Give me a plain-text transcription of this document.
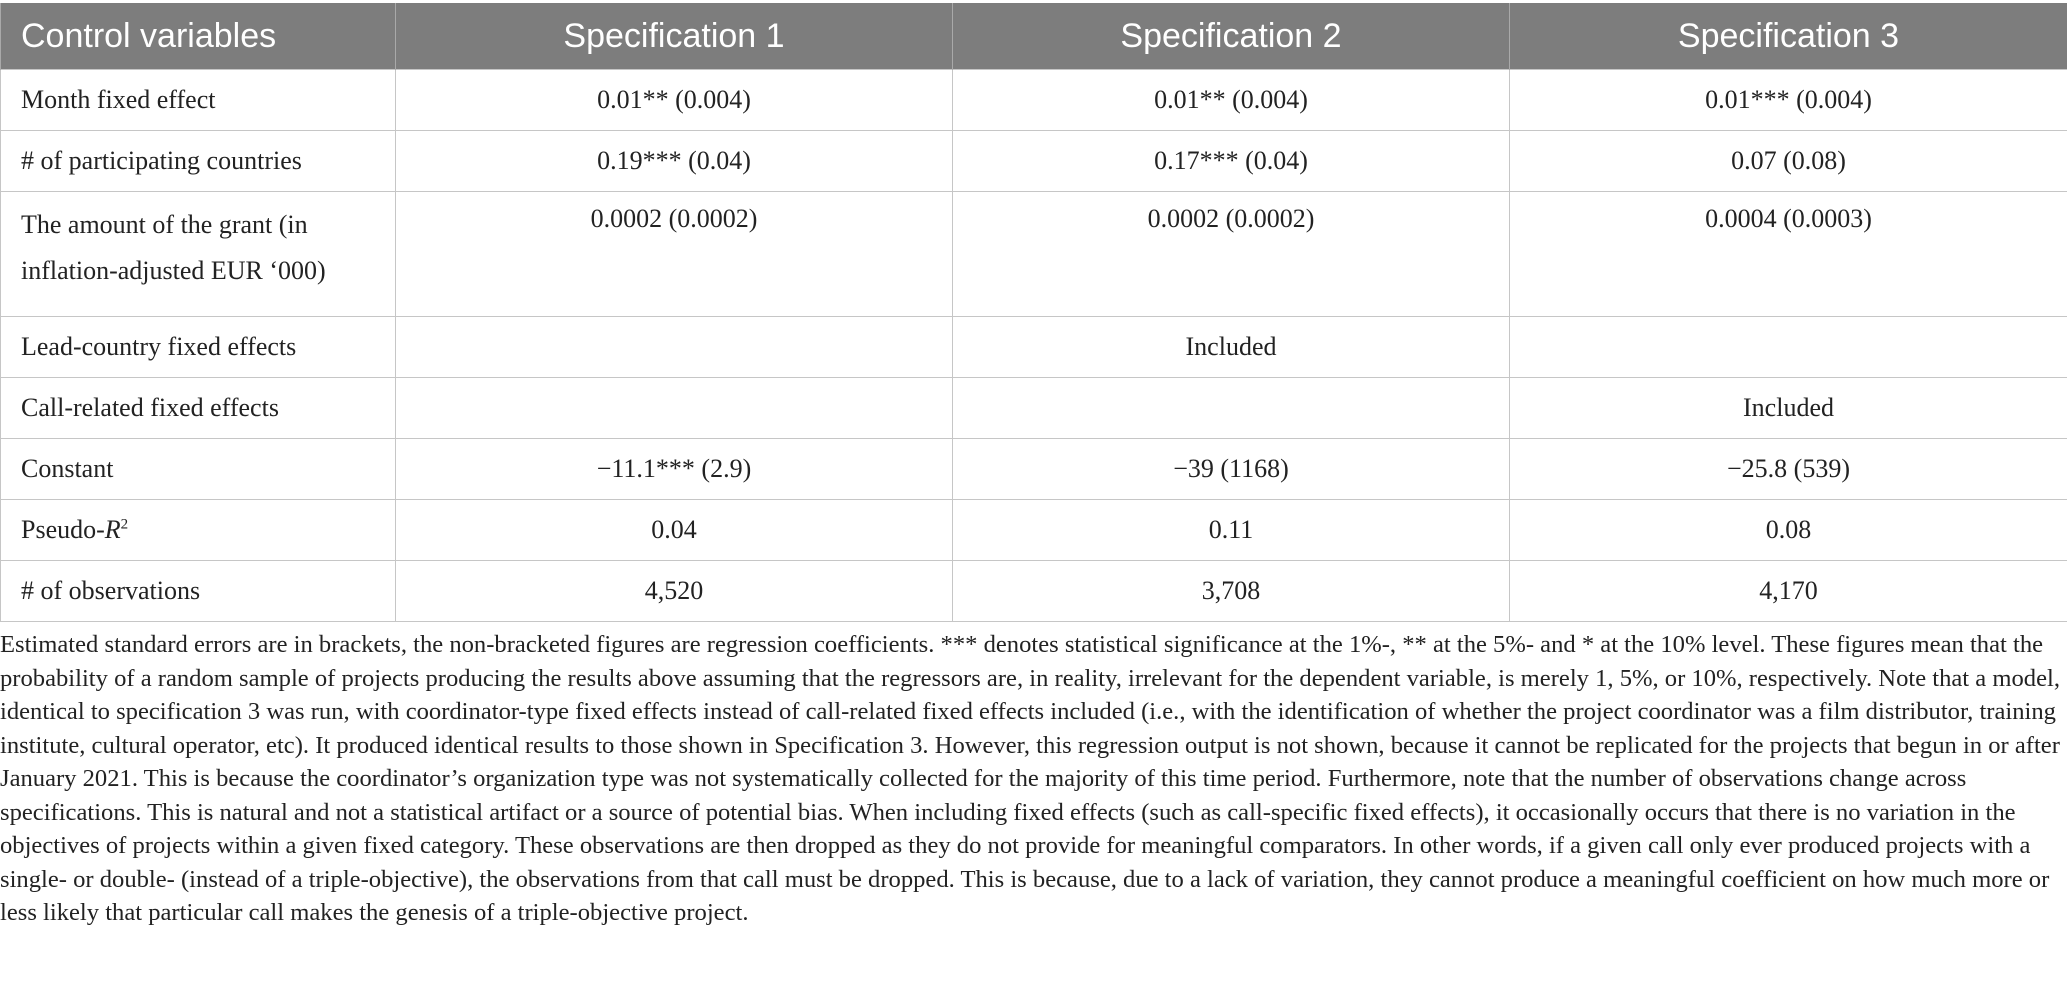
Control variables	Specification 1	Specification 2	Specification 3
Month fixed effect	0.01** (0.004)	0.01** (0.004)	0.01*** (0.004)
# of participating countries	0.19*** (0.04)	0.17*** (0.04)	0.07 (0.08)
The amount of the grant (in
inflation-adjusted EUR ‘000)	0.0002 (0.0002)	0.0002 (0.0002)	0.0004 (0.0003)
Lead-country fixed effects		Included	
Call-related fixed effects			Included
Constant	−11.1*** (2.9)	−39 (1168)	−25.8 (539)
Pseudo-$R^2$	0.04	0.11	0.08
# of observations	4,520	3,708	4,170

Estimated standard errors are in brackets, the non-bracketed figures are regression coefficients. *** denotes statistical significance at the 1%-, ** at the 5%- and * at the 10% level. These figures mean that the probability of a random sample of projects producing the results above assuming that the regressors are, in reality, irrelevant for the dependent variable, is merely 1, 5%, or 10%, respectively. Note that a model, identical to specification 3 was run, with coordinator-type fixed effects instead of call-related fixed effects included (i.e., with the identification of whether the project coordinator was a film distributor, training institute, cultural operator, etc). It produced identical results to those shown in Specification 3. However, this regression output is not shown, because it cannot be replicated for the projects that begun in or after January 2021. This is because the coordinator’s organization type was not systematically collected for the majority of this time period. Furthermore, note that the number of observations change across specifications. This is natural and not a statistical artifact or a source of potential bias. When including fixed effects (such as call-specific fixed effects), it occasionally occurs that there is no variation in the objectives of projects within a given fixed category. These observations are then dropped as they do not provide for meaningful comparators. In other words, if a given call only ever produced projects with a single- or double- (instead of a triple-objective), the observations from that call must be dropped. This is because, due to a lack of variation, they cannot produce a meaningful coefficient on how much more or less likely that particular call makes the genesis of a triple-objective project.
